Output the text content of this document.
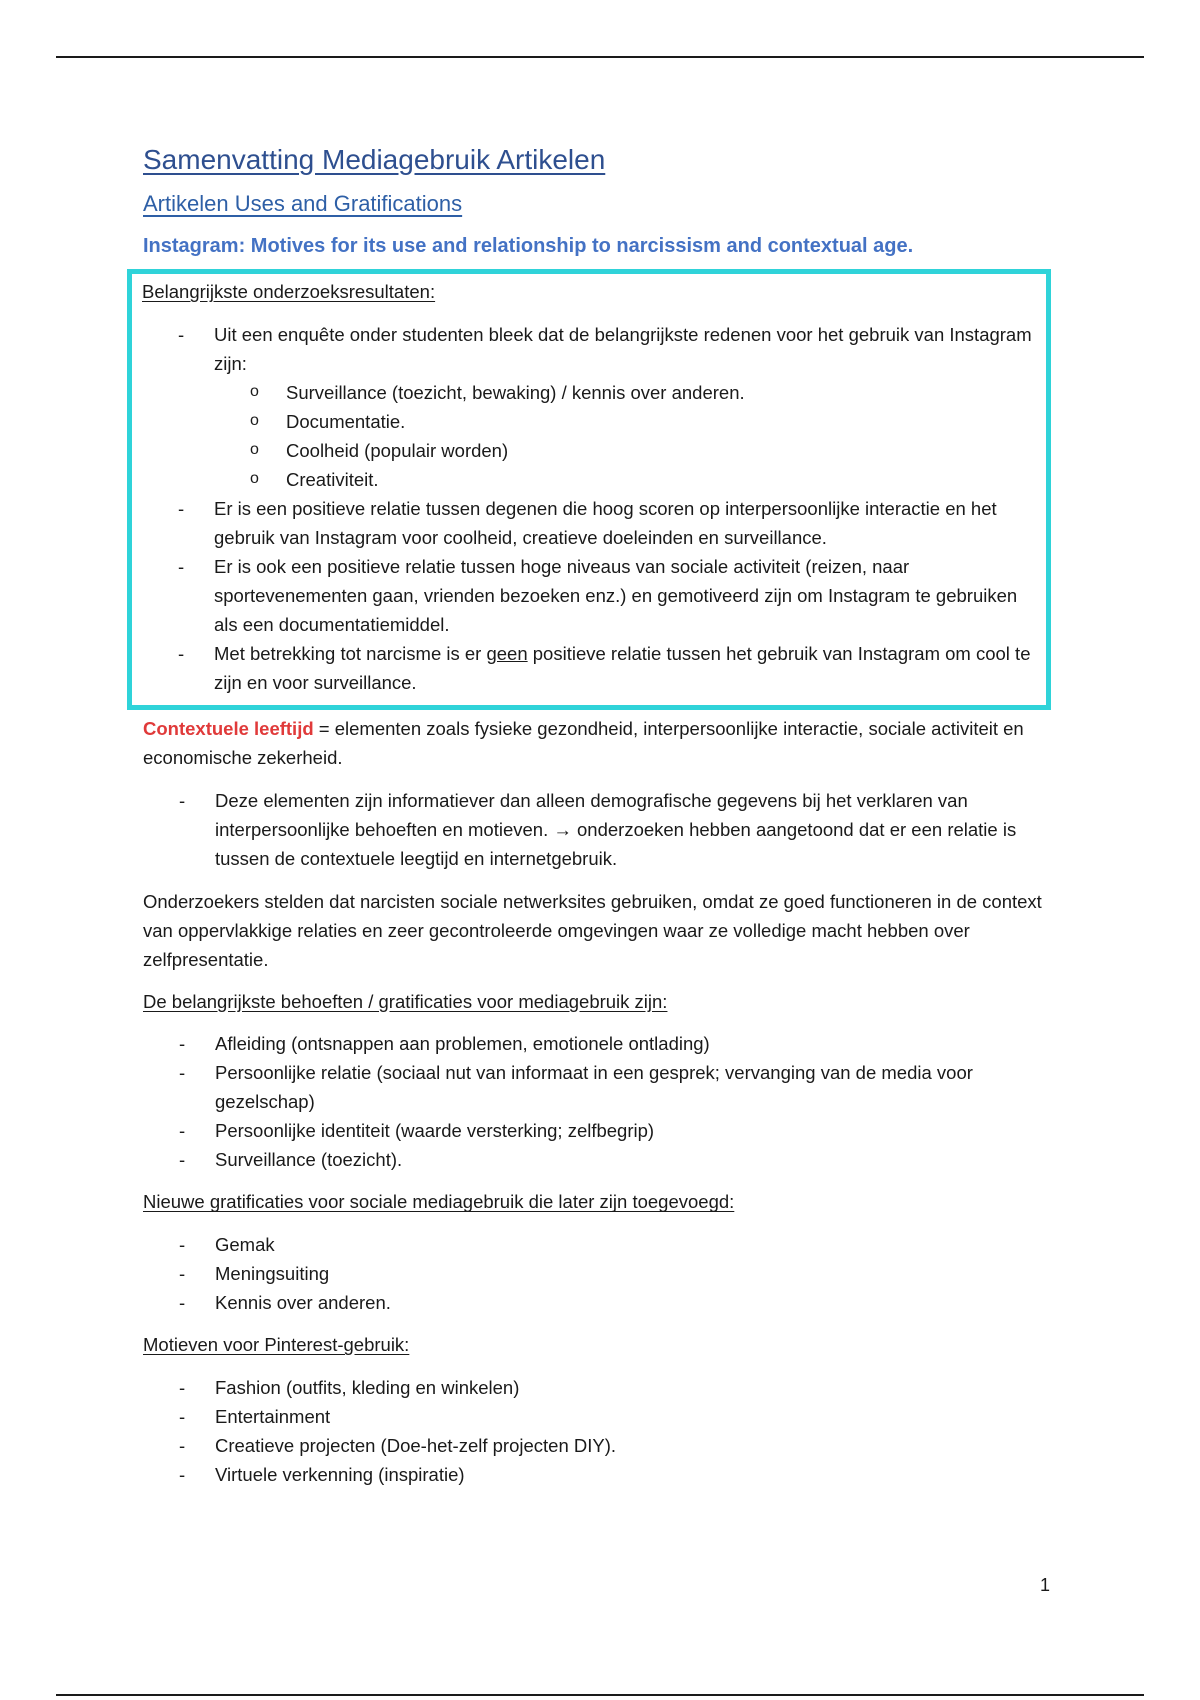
Samenvatting Mediagebruik Artikelen
Artikelen Uses and Gratifications
Instagram: Motives for its use and relationship to narcissism and contextual age.
Belangrijkste onderzoeksresultaten:
- Uit een enquête onder studenten bleek dat de belangrijkste redenen voor het gebruik van Instagram zijn:
o Surveillance (toezicht, bewaking) / kennis over anderen.
o Documentatie.
o Coolheid (populair worden)
o Creativiteit.
- Er is een positieve relatie tussen degenen die hoog scoren op interpersoonlijke interactie en het gebruik van Instagram voor coolheid, creatieve doeleinden en surveillance.
- Er is ook een positieve relatie tussen hoge niveaus van sociale activiteit (reizen, naar sportevenementen gaan, vrienden bezoeken enz.) en gemotiveerd zijn om Instagram te gebruiken als een documentatiemiddel.
- Met betrekking tot narcisme is er geen positieve relatie tussen het gebruik van Instagram om cool te zijn en voor surveillance.

Contextuele leeftijd = elementen zoals fysieke gezondheid, interpersoonlijke interactie, sociale activiteit en economische zekerheid.

- Deze elementen zijn informatiever dan alleen demografische gegevens bij het verklaren van interpersoonlijke behoeften en motieven. → onderzoeken hebben aangetoond dat er een relatie is tussen de contextuele leegtijd en internetgebruik.

Onderzoekers stelden dat narcisten sociale netwerksites gebruiken, omdat ze goed functioneren in de context van oppervlakkige relaties en zeer gecontroleerde omgevingen waar ze volledige macht hebben over zelfpresentatie.

De belangrijkste behoeften / gratificaties voor mediagebruik zijn:
- Afleiding (ontsnappen aan problemen, emotionele ontlading)
- Persoonlijke relatie (sociaal nut van informaat in een gesprek; vervanging van de media voor gezelschap)
- Persoonlijke identiteit (waarde versterking; zelfbegrip)
- Surveillance (toezicht).
Nieuwe gratificaties voor sociale mediagebruik die later zijn toegevoegd:
- Gemak
- Meningsuiting
- Kennis over anderen.
Motieven voor Pinterest-gebruik:
- Fashion (outfits, kleding en winkelen)
- Entertainment
- Creatieve projecten (Doe-het-zelf projecten DIY).
- Virtuele verkenning (inspiratie)
1
